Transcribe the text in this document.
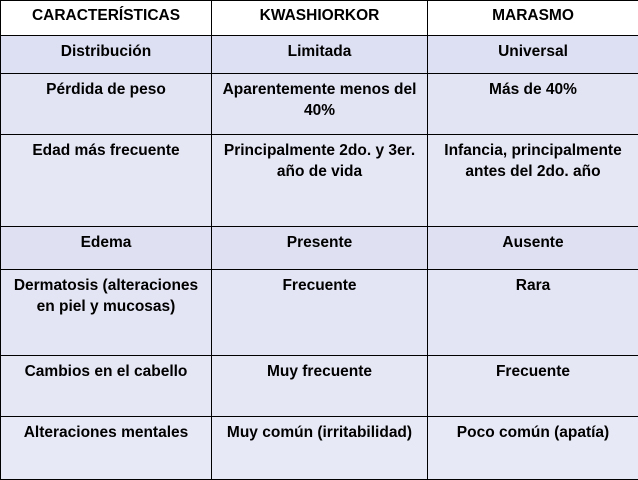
CARACTERÍSTICAS	KWASHIORKOR	MARASMO
Distribución	Limitada	Universal
Pérdida de peso	Aparentemente menos del 40%	Más de 40%
Edad más frecuente	Principalmente 2do. y 3er. año de vida	Infancia, principalmente antes del 2do. año
Edema	Presente	Ausente
Dermatosis (alteraciones en piel y mucosas)	Frecuente	Rara
Cambios en el cabello	Muy frecuente	Frecuente
Alteraciones mentales	Muy común (irritabilidad)	Poco común (apatía)
